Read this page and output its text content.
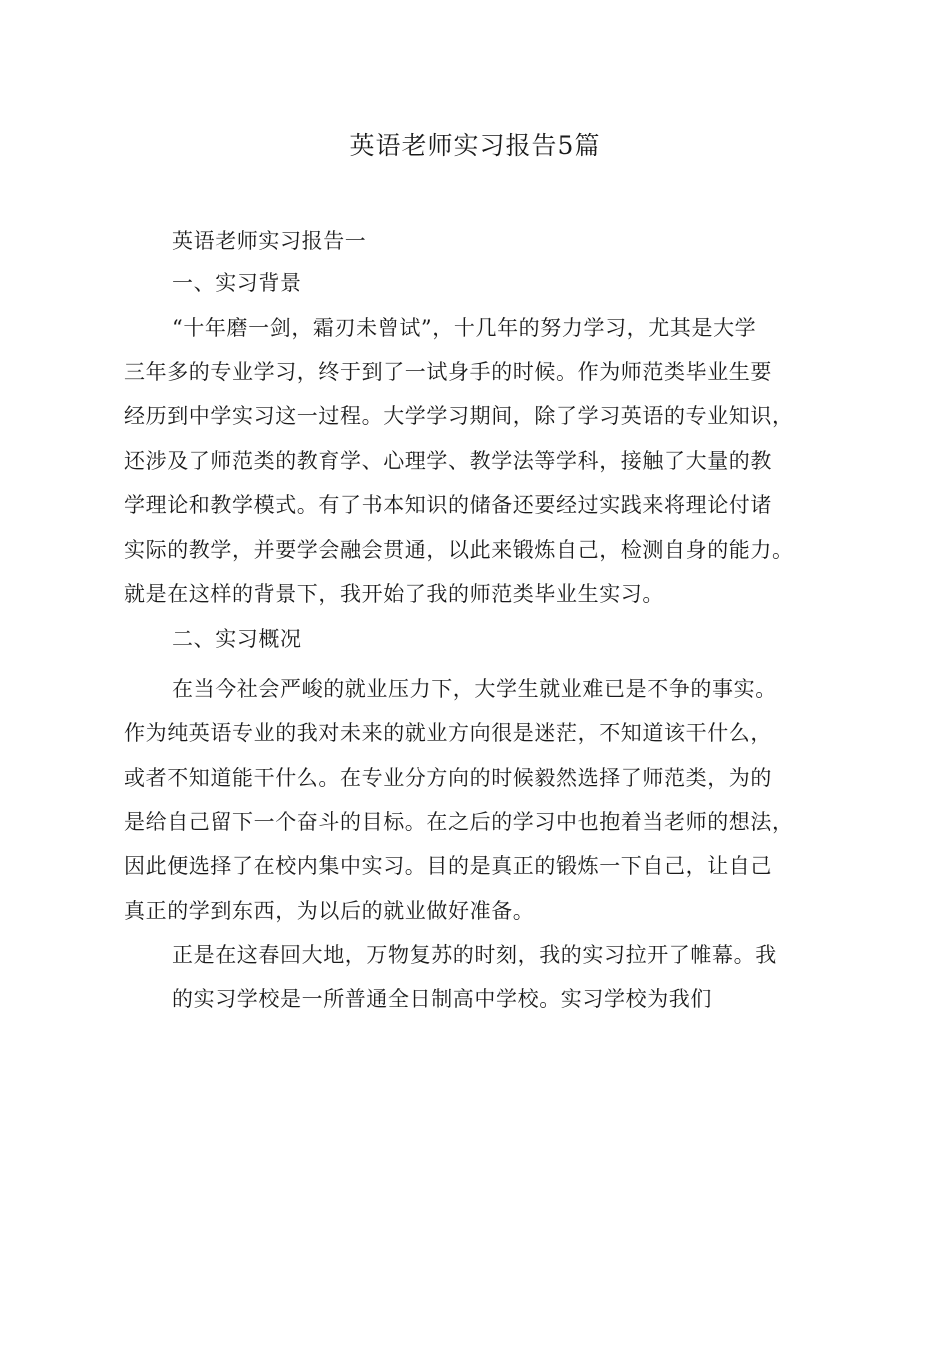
英语老师实习报告5篇
英语老师实习报告一
一、实习背景
“十年磨一剑，霜刃未曾试”，十几年的努力学习，尤其是大学
三年多的专业学习，终于到了一试身手的时候。作为师范类毕业生要
经历到中学实习这一过程。大学学习期间，除了学习英语的专业知识，
还涉及了师范类的教育学、心理学、教学法等学科，接触了大量的教
学理论和教学模式。有了书本知识的储备还要经过实践来将理论付诸
实际的教学，并要学会融会贯通，以此来锻炼自己，检测自身的能力。
就是在这样的背景下，我开始了我的师范类毕业生实习。
二、实习概况
在当今社会严峻的就业压力下，大学生就业难已是不争的事实。
作为纯英语专业的我对未来的就业方向很是迷茫，不知道该干什么，
或者不知道能干什么。在专业分方向的时候毅然选择了师范类，为的
是给自己留下一个奋斗的目标。在之后的学习中也抱着当老师的想法，
因此便选择了在校内集中实习。目的是真正的锻炼一下自己，让自己
真正的学到东西，为以后的就业做好准备。
正是在这春回大地，万物复苏的时刻，我的实习拉开了帷幕。我
的实习学校是一所普通全日制高中学校。实习学校为我们
